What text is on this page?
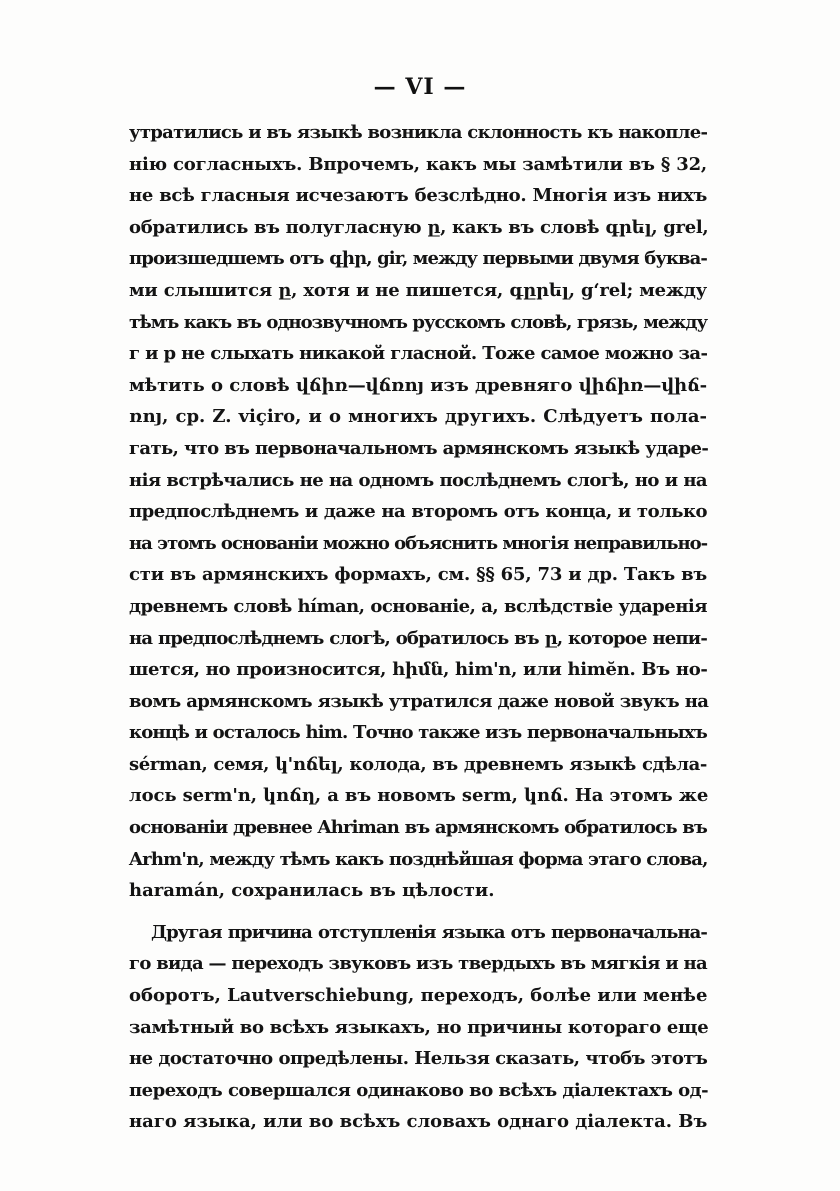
— VI —
утратились и въ языкѣ возникла склонность къ накопле-
нію согласныхъ. Впрочемъ, какъ мы замѣтили въ § 32,
не всѣ гласныя исчезаютъ безслѣдно. Многія изъ нихъ
обратились въ полугласную ը, какъ въ словѣ գրել, grel,
произшедшемъ отъ գիր, gir, между первыми двумя буква-
ми слышится ը, хотя и не пишется, գըրել, gʻrel; между
тѣмъ какъ въ однозвучномъ русскомъ словѣ, грязь, между
г и р не слыхать никакой гласной. Тоже самое можно за-
мѣтить о словѣ վճիռ—վճռոյ изъ древняго վիճիռ—վիճ-
ռոյ, ср. Z. viçiro, и о многихъ другихъ. Слѣдуетъ пола-
гать, что въ первоначальномъ армянскомъ языкѣ ударе-
нія встрѣчались не на одномъ послѣднемъ слогѣ, но и на
предпослѣднемъ и даже на второмъ отъ конца, и только
на этомъ основаніи можно объяснить многія неправильно-
сти въ армянскихъ формахъ, см. §§ 65, 73 и др. Такъ въ
древнемъ словѣ híman, основаніе, a, вслѣдствіе ударенія
на предпослѣднемъ слогѣ, обратилось въ ը, которое непи-
шется, но произносится, հիմն, him'n, или himĕn. Въ но-
вомъ армянскомъ языкѣ утратился даже новой звукъ на
концѣ и осталось him. Точно также изъ первоначальныхъ
sérman, семя, կ'ոճել, колода, въ древнемъ языкѣ сдѣла-
лось serm'n, կոճղ, а въ новомъ serm, կոճ. На этомъ же
основаніи древнее Ahriman въ армянскомъ обратилось въ
Arhm'n, между тѣмъ какъ позднѣйшая форма этаго слова,
haramán, сохранилась въ цѣлости.
Другая причина отступленія языка отъ первоначальна-
го вида — переходъ звуковъ изъ твердыхъ въ мягкія и на
оборотъ, Lautverschiebung, переходъ, болѣе или менѣе
замѣтный во всѣхъ языкахъ, но причины котораго еще
не достаточно опредѣлены. Нельзя сказать, чтобъ этотъ
переходъ совершался одинаково во всѣхъ діалектахъ од-
наго языка, или во всѣхъ словахъ однаго діалекта. Въ
